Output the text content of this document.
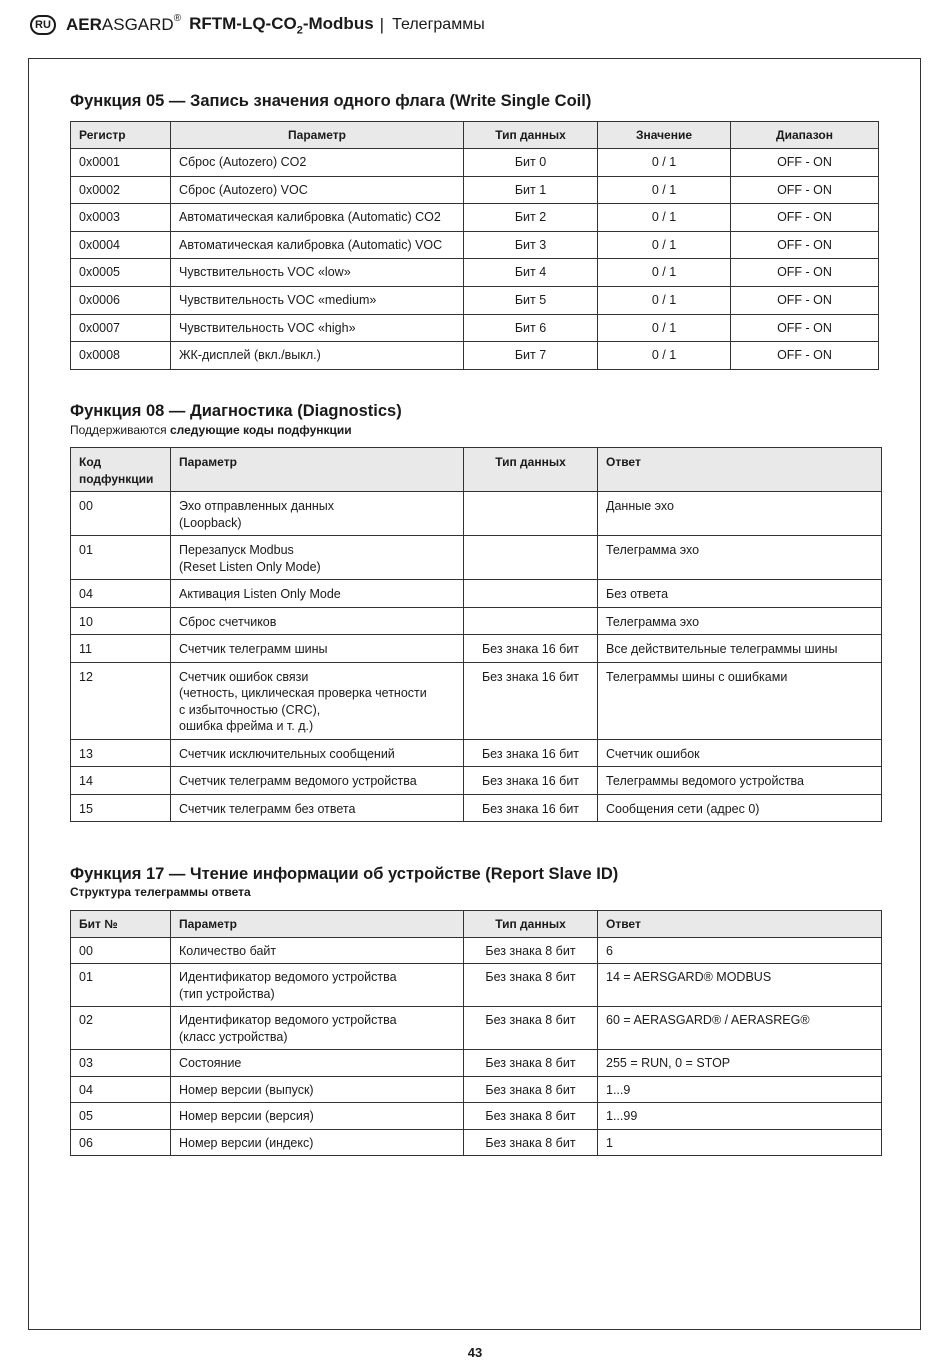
RU AERASGARD® RFTM-$LQ-CO_2$-Modbus | Телеграммы
Функция 05 — Запись значения одного флага (Write Single Coil)
Регистр	Параметр	Тип данных	Значение	Диапазон
0x0001	Сброс (Autozero) CO2	Бит 0	0 / 1	OFF - ON
0x0002	Сброс (Autozero) VOC	Бит 1	0 / 1	OFF - ON
0x0003	Автоматическая калибровка (Automatic) CO2	Бит 2	0 / 1	OFF - ON
0x0004	Автоматическая калибровка (Automatic) VOC	Бит 3	0 / 1	OFF - ON
0x0005	Чувствительность VOC «low»	Бит 4	0 / 1	OFF - ON
0x0006	Чувствительность VOC «medium»	Бит 5	0 / 1	OFF - ON
0x0007	Чувствительность VOC «high»	Бит 6	0 / 1	OFF - ON
0x0008	ЖК-дисплей (вкл./выкл.)	Бит 7	0 / 1	OFF - ON
Функция 08 — Диагностика (Diagnostics)
Поддерживаются следующие коды подфункции
Код подфункции	Параметр	Тип данных	Ответ
00	Эхо отправленных данных
(Loopback)		Данные эхо
01	Перезапуск Modbus
(Reset Listen Only Mode)		Телеграмма эхо
04	Активация Listen Only Mode		Без ответа
10	Сброс счетчиков		Телеграмма эхо
11	Счетчик телеграмм шины	Без знака 16 бит	Все действительные телеграммы шины
12	Счетчик ошибок связи
(четность, циклическая проверка четности
с избыточностью (CRC),
ошибка фрейма и т. д.)	Без знака 16 бит	Телеграммы шины с ошибками
13	Счетчик исключительных сообщений	Без знака 16 бит	Счетчик ошибок
14	Счетчик телеграмм ведомого устройства	Без знака 16 бит	Телеграммы ведомого устройства
15	Счетчик телеграмм без ответа	Без знака 16 бит	Сообщения сети (адрес 0)
Функция 17 — Чтение информации об устройстве (Report Slave ID)
Структура телеграммы ответа
Бит №	Параметр	Тип данных	Ответ
00	Количество байт	Без знака 8 бит	6
01	Идентификатор ведомого устройства
(тип устройства)	Без знака 8 бит	14 = AERSGARD® MODBUS
02	Идентификатор ведомого устройства
(класс устройства)	Без знака 8 бит	60 = AERASGARD® / AERASREG®
03	Состояние	Без знака 8 бит	255 = RUN, 0 = STOP
04	Номер версии (выпуск)	Без знака 8 бит	1...9
05	Номер версии (версия)	Без знака 8 бит	1...99
06	Номер версии (индекс)	Без знака 8 бит	1
43
